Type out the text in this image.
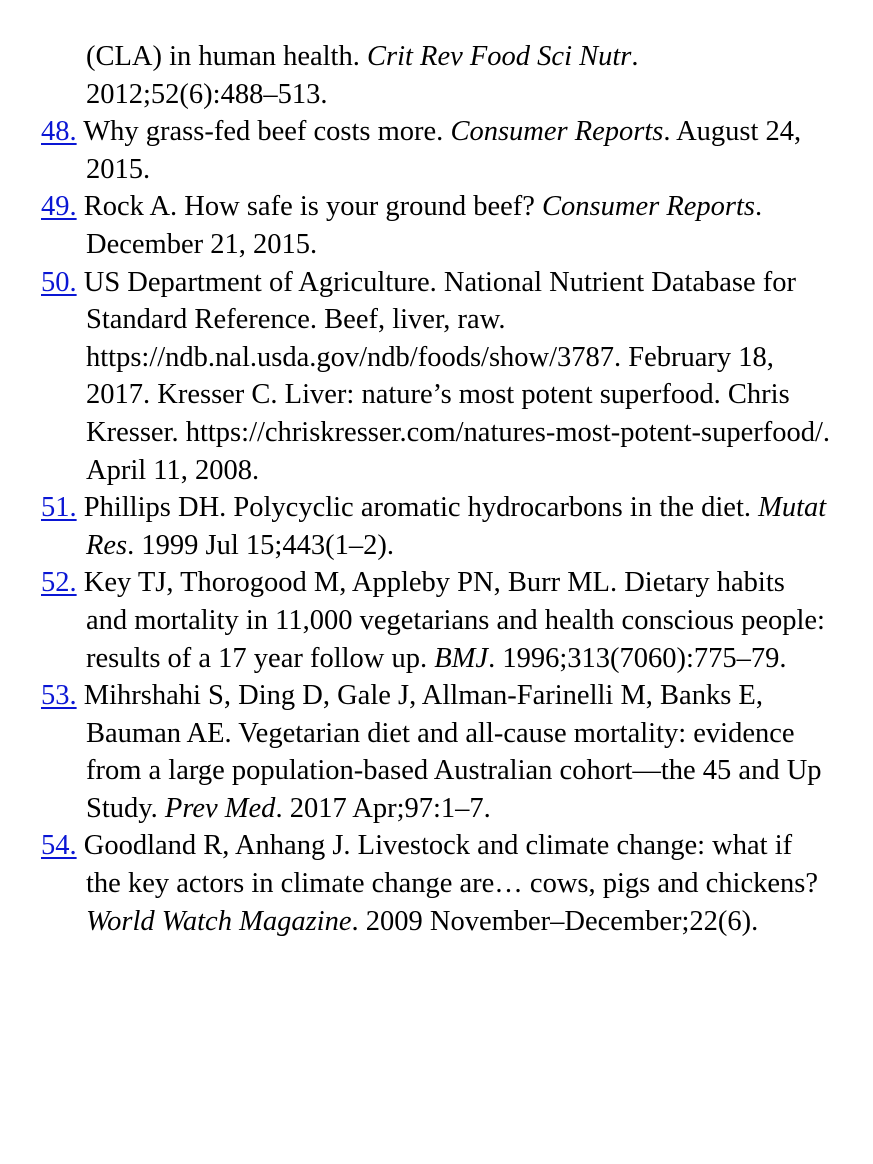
(CLA) in human health. Crit Rev Food Sci Nutr. 2012;52(6):488–513.

48. Why grass-fed beef costs more. Consumer Reports. August 24, 2015.

49. Rock A. How safe is your ground beef? Consumer Reports. December 21, 2015.

50. US Department of Agriculture. National Nutrient Database for Standard Reference. Beef, liver, raw. https://ndb.nal.usda.gov/ndb/foods/show/3787. February 18, 2017. Kresser C. Liver: nature’s most potent superfood. Chris Kresser. https://chriskresser.com/natures-most-potent-superfood/. April 11, 2008.

51. Phillips DH. Polycyclic aromatic hydrocarbons in the diet. Mutat Res. 1999 Jul 15;443(1–2).

52. Key TJ, Thorogood M, Appleby PN, Burr ML. Dietary habits and mortality in 11,000 vegetarians and health conscious people: results of a 17 year follow up. BMJ. 1996;313(7060):775–79.

53. Mihrshahi S, Ding D, Gale J, Allman-Farinelli M, Banks E, Bauman AE. Vegetarian diet and all-cause mortality: evidence from a large population-based Australian cohort—the 45 and Up Study. Prev Med. 2017 Apr;97:1–7.

54. Goodland R, Anhang J. Livestock and climate change: what if the key actors in climate change are… cows, pigs and chickens? World Watch Magazine. 2009 November–December;22(6).
